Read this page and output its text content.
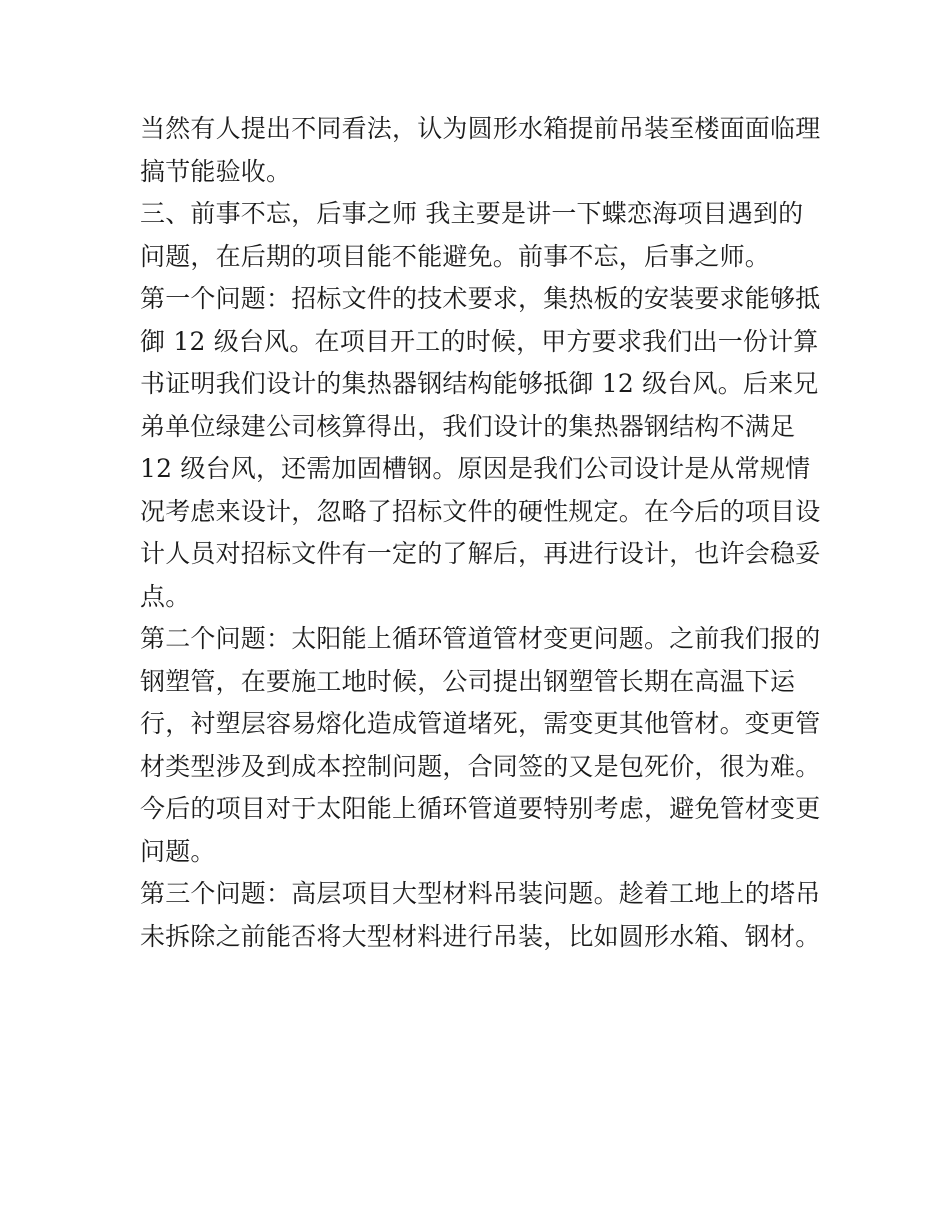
当然有人提出不同看法，认为圆形水箱提前吊装至楼面面临理
搞节能验收。
三、前事不忘，后事之师 我主要是讲一下蝶恋海项目遇到的
问题，在后期的项目能不能避免。前事不忘，后事之师。
第一个问题：招标文件的技术要求，集热板的安装要求能够抵
御 12 级台风。在项目开工的时候，甲方要求我们出一份计算
书证明我们设计的集热器钢结构能够抵御 12 级台风。后来兄
弟单位绿建公司核算得出，我们设计的集热器钢结构不满足
12 级台风，还需加固槽钢。原因是我们公司设计是从常规情
况考虑来设计，忽略了招标文件的硬性规定。在今后的项目设
计人员对招标文件有一定的了解后，再进行设计，也许会稳妥
点。
第二个问题：太阳能上循环管道管材变更问题。之前我们报的
钢塑管，在要施工地时候，公司提出钢塑管长期在高温下运
行，衬塑层容易熔化造成管道堵死，需变更其他管材。变更管
材类型涉及到成本控制问题，合同签的又是包死价，很为难。
今后的项目对于太阳能上循环管道要特别考虑，避免管材变更
问题。
第三个问题：高层项目大型材料吊装问题。趁着工地上的塔吊
未拆除之前能否将大型材料进行吊装，比如圆形水箱、钢材。
